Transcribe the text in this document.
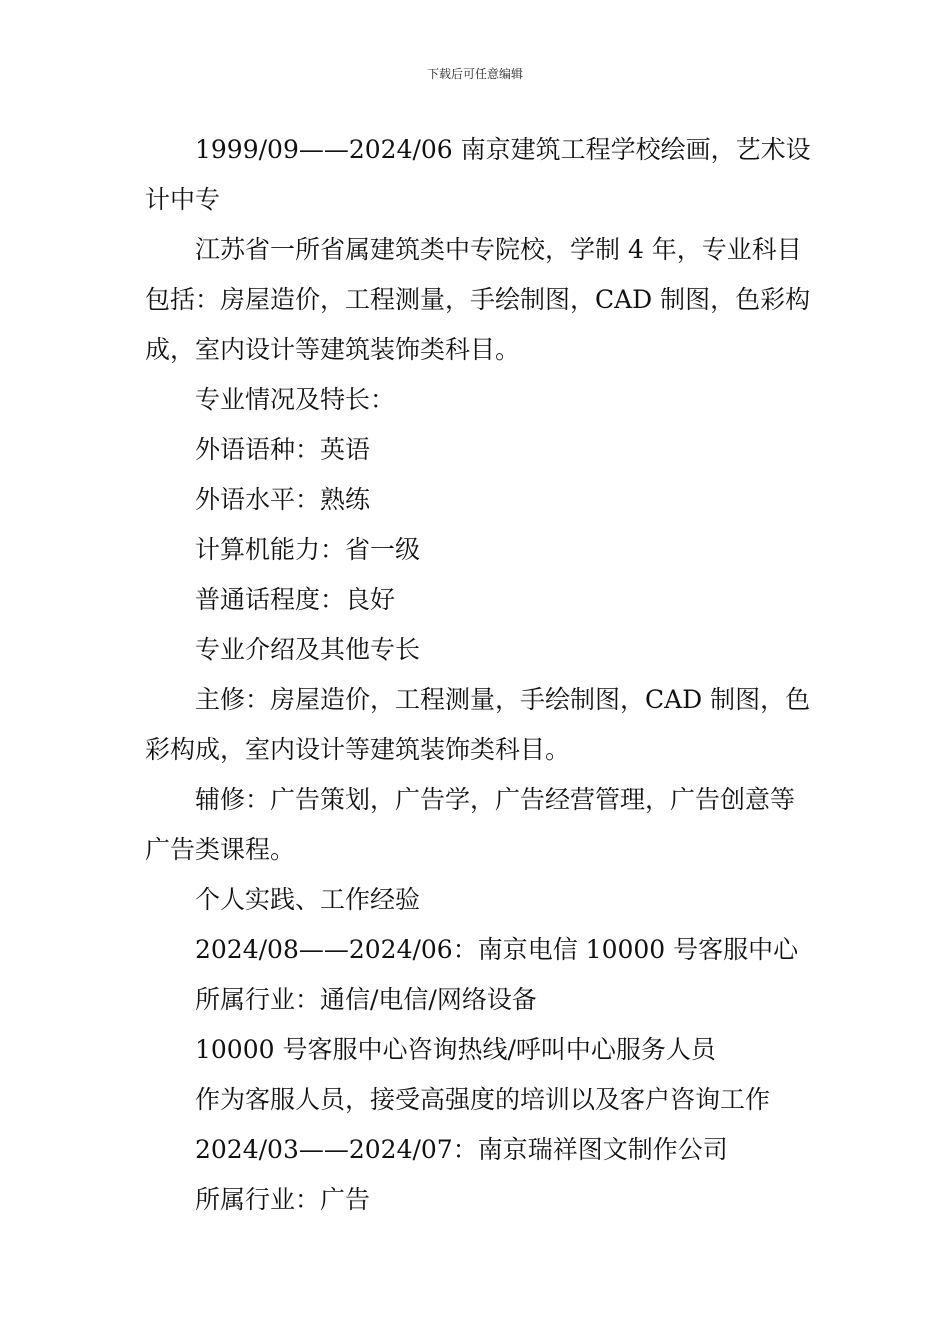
下载后可任意编辑

1999/09——2024/06 南京建筑工程学校绘画，艺术设计中专

江苏省一所省属建筑类中专院校，学制 4 年，专业科目包括：房屋造价，工程测量，手绘制图，CAD 制图，色彩构成，室内设计等建筑装饰类科目。

专业情况及特长：

外语语种：英语

外语水平：熟练

计算机能力：省一级

普通话程度：良好

专业介绍及其他专长

主修：房屋造价，工程测量，手绘制图，CAD 制图，色彩构成，室内设计等建筑装饰类科目。

辅修：广告策划，广告学，广告经营管理，广告创意等广告类课程。

个人实践、工作经验

2024/08——2024/06：南京电信 10000 号客服中心

所属行业：通信/电信/网络设备

10000 号客服中心咨询热线/呼叫中心服务人员

作为客服人员，接受高强度的培训以及客户咨询工作

2024/03——2024/07：南京瑞祥图文制作公司

所属行业：广告
